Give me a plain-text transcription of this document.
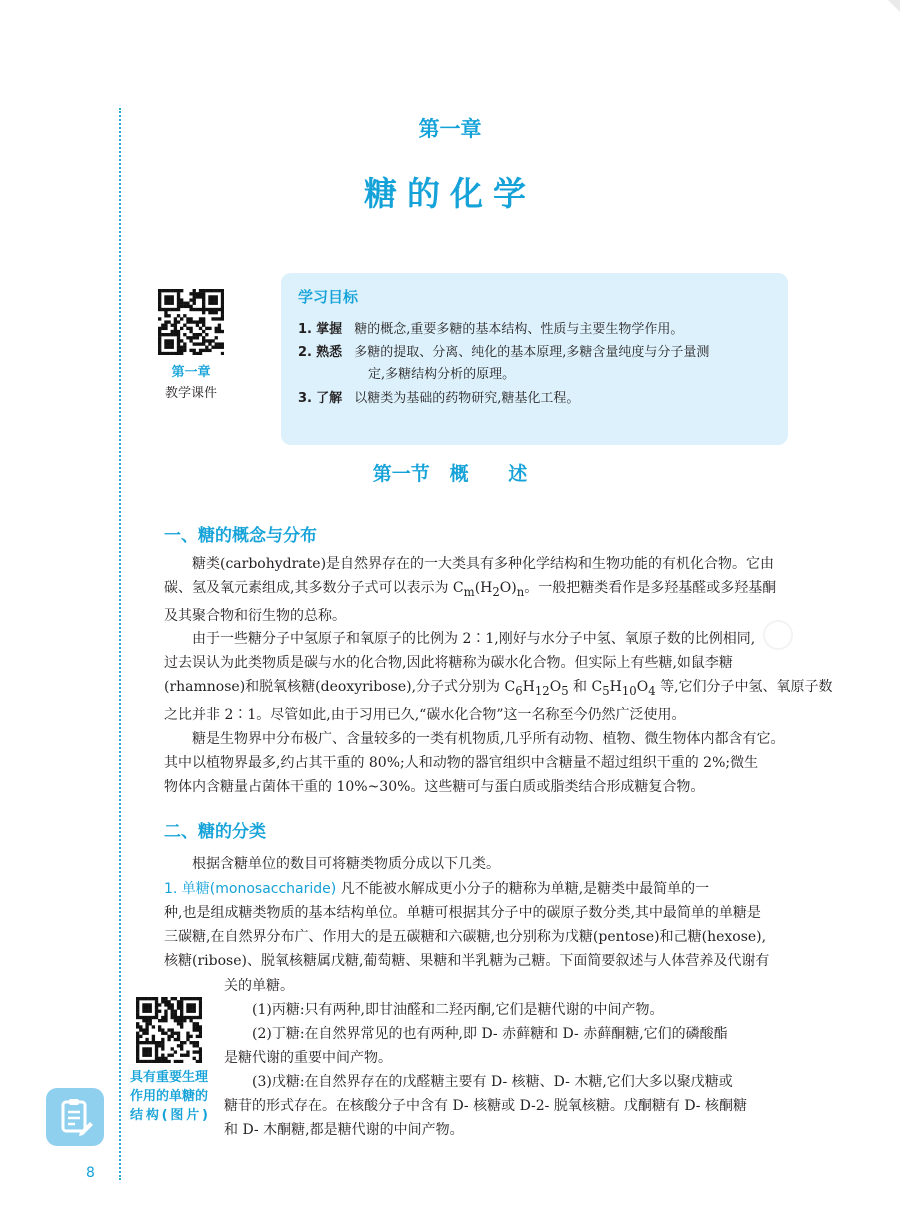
第一章
糖的化学
第一章
教学课件
学习目标
1. 掌握 糖的概念,重要多糖的基本结构、性质与主要生物学作用。
2. 熟悉 多糖的提取、分离、纯化的基本原理,多糖含量纯度与分子量测
定,多糖结构分析的原理。
3. 了解 以糖类为基础的药物研究,糖基化工程。
第一节   概      述
一、糖的概念与分布
糖类(carbohydrate)是自然界存在的一大类具有多种化学结构和生物功能的有机化合物。它由
碳、氢及氧元素组成,其多数分子式可以表示为 $C_m(H_2O)_n$。一般把糖类看作是多羟基醛或多羟基酮
及其聚合物和衍生物的总称。
由于一些糖分子中氢原子和氧原子的比例为 2∶1,刚好与水分子中氢、氧原子数的比例相同,
过去误认为此类物质是碳与水的化合物,因此将糖称为碳水化合物。但实际上有些糖,如鼠李糖
(rhamnose)和脱氧核糖(deoxyribose),分子式分别为 $C_6H_{12}O_5$ 和 $C_5H_{10}O_4$ 等,它们分子中氢、氧原子数
之比并非 2∶1。尽管如此,由于习用已久,“碳水化合物”这一名称至今仍然广泛使用。
糖是生物界中分布极广、含量较多的一类有机物质,几乎所有动物、植物、微生物体内都含有它。
其中以植物界最多,约占其干重的 80%;人和动物的器官组织中含糖量不超过组织干重的 2%;微生
物体内含糖量占菌体干重的 10%~30%。这些糖可与蛋白质或脂类结合形成糖复合物。
二、糖的分类
根据含糖单位的数目可将糖类物质分成以下几类。
1. 单糖(monosaccharide) 凡不能被水解成更小分子的糖称为单糖,是糖类中最简单的一
种,也是组成糖类物质的基本结构单位。单糖可根据其分子中的碳原子数分类,其中最简单的单糖是
三碳糖,在自然界分布广、作用大的是五碳糖和六碳糖,也分别称为戊糖(pentose)和己糖(hexose),
核糖(ribose)、脱氧核糖属戊糖,葡萄糖、果糖和半乳糖为己糖。下面简要叙述与人体营养及代谢有
关的单糖。
具有重要生理作用的单糖的结构(图片)
(1)丙糖:只有两种,即甘油醛和二羟丙酮,它们是糖代谢的中间产物。
(2)丁糖:在自然界常见的也有两种,即 D- 赤藓糖和 D- 赤藓酮糖,它们的磷酸酯
是糖代谢的重要中间产物。
(3)戊糖:在自然界存在的戊醛糖主要有 D- 核糖、D- 木糖,它们大多以聚戊糖或
糖苷的形式存在。在核酸分子中含有 D- 核糖或 D-2- 脱氧核糖。戊酮糖有 D- 核酮糖
和 D- 木酮糖,都是糖代谢的中间产物。
8
